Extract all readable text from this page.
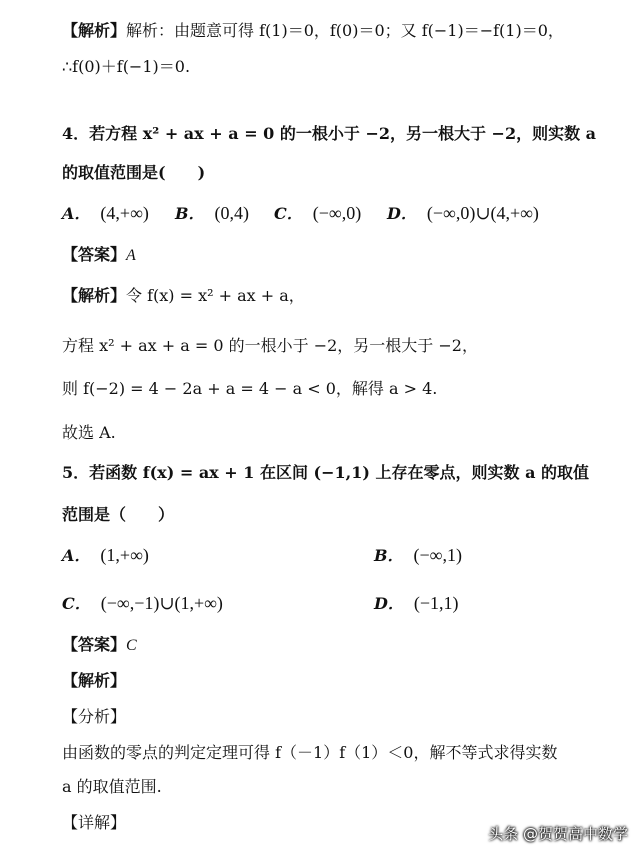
【解析】解析：由题意可得 f(1)＝0，f(0)＝0；又 f(−1)＝−f(1)＝0，
∴f(0)＋f(−1)＝0.
4．若方程 x² + ax + a = 0 的一根小于 −2，另一根大于 −2，则实数 a
的取值范围是(　　)
A． (4,+∞) B． (0,4) C． (−∞,0) D． (−∞,0)∪(4,+∞)
【答案】A
【解析】令 f(x) = x² + ax + a，
方程 x² + ax + a = 0 的一根小于 −2，另一根大于 −2，
则 f(−2) = 4 − 2a + a = 4 − a < 0，解得 a > 4.
故选 A.
5．若函数 f(x) = ax + 1 在区间 (−1,1) 上存在零点，则实数 a 的取值
范围是（　　）
A． (1,+∞)	B． (−∞,1)
C． (−∞,−1)∪(1,+∞)	D． (−1,1)
【答案】C
【解析】
【分析】
由函数的零点的判定定理可得 f（－1）f（1）＜0，解不等式求得实数
a 的取值范围.
【详解】
头条 @贺贺高中数学
